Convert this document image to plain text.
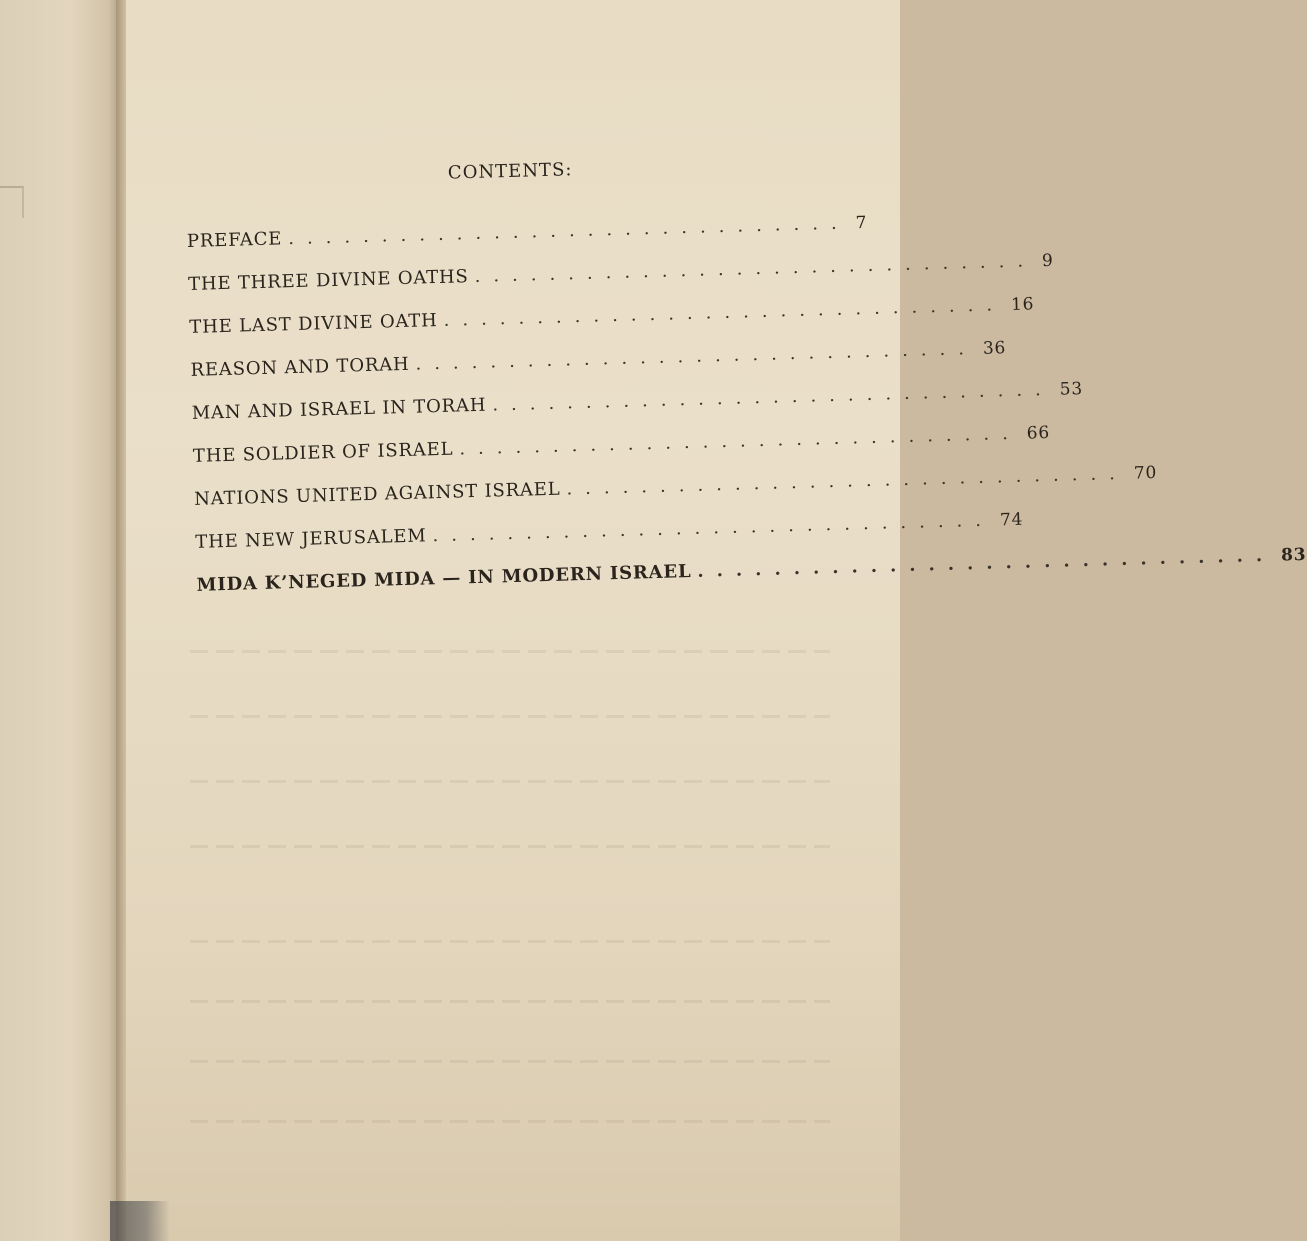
CONTENTS:
PREFACE .............................. 7
THE THREE DIVINE OATHS .............................. 9
THE LAST DIVINE OATH .............................. 16
REASON AND TORAH .............................. 36
MAN AND ISRAEL IN TORAH .............................. 53
THE SOLDIER OF ISRAEL .............................. 66
NATIONS UNITED AGAINST ISRAEL .............................. 70
THE NEW JERUSALEM .............................. 74
MIDA K’NEGED MIDA — IN MODERN ISRAEL .............................. 83
